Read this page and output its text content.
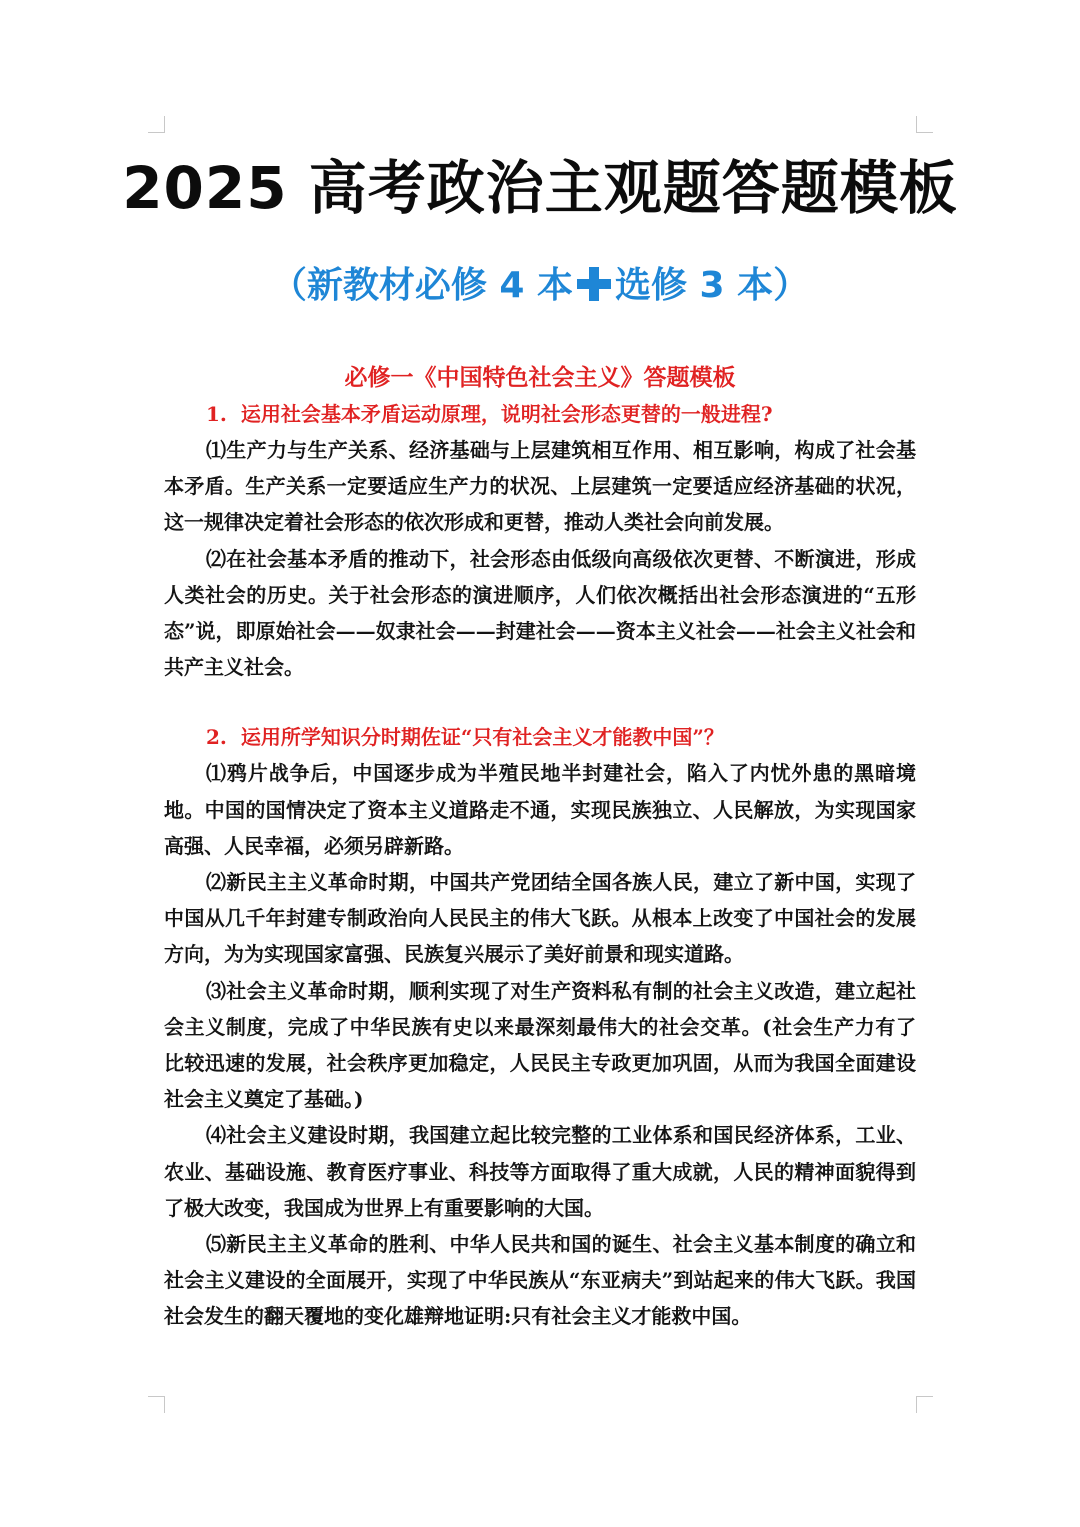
2025 高考政治主观题答题模板
（新教材必修 4 本 选修 3 本）
必修一《中国特色社会主义》答题模板

1. 运用社会基本矛盾运动原理，说明社会形态更替的一般进程?

⑴生产力与生产关系、经济基础与上层建筑相互作用、相互影响，构成了社会基本矛盾。生产关系一定要适应生产力的状况、上层建筑一定要适应经济基础的状况，这一规律决定着社会形态的依次形成和更替，推动人类社会向前发展。

⑵在社会基本矛盾的推动下，社会形态由低级向高级依次更替、不断演进，形成人类社会的历史。关于社会形态的演进顺序，人们依次概括出社会形态演进的“五形态”说，即原始社会——奴隶社会——封建社会——资本主义社会——社会主义社会和共产主义社会。

2. 运用所学知识分时期佐证“只有社会主义才能教中国”？

⑴鸦片战争后，中国逐步成为半殖民地半封建社会，陷入了内忧外患的黑暗境地。中国的国情决定了资本主义道路走不通，实现民族独立、人民解放，为实现国家高强、人民幸福，必须另辟新路。

⑵新民主主义革命时期，中国共产党团结全国各族人民，建立了新中国，实现了中国从几千年封建专制政治向人民民主的伟大飞跃。从根本上改变了中国社会的发展方向，为为实现国家富强、民族复兴展示了美好前景和现实道路。

⑶社会主义革命时期，顺利实现了对生产资料私有制的社会主义改造，建立起社会主义制度，完成了中华民族有史以来最深刻最伟大的社会交革。(社会生产力有了 比较迅速的发展，社会秩序更加稳定，人民民主专政更加巩固，从而为我国全面建设社会主义奠定了基础。)

⑷社会主义建设时期，我国建立起比较完整的工业体系和国民经济体系，工业、农业、基础设施、教育医疗事业、科技等方面取得了重大成就，人民的精神面貌得到了极大改变，我国成为世界上有重要影响的大国。

⑸新民主主义革命的胜利、中华人民共和国的诞生、社会主义基本制度的确立和社会主义建设的全面展开，实现了中华民族从“东亚病夫”到站起来的伟大飞跃。我国社会发生的翻天覆地的变化雄辩地证明:只有社会主义才能救中国。
